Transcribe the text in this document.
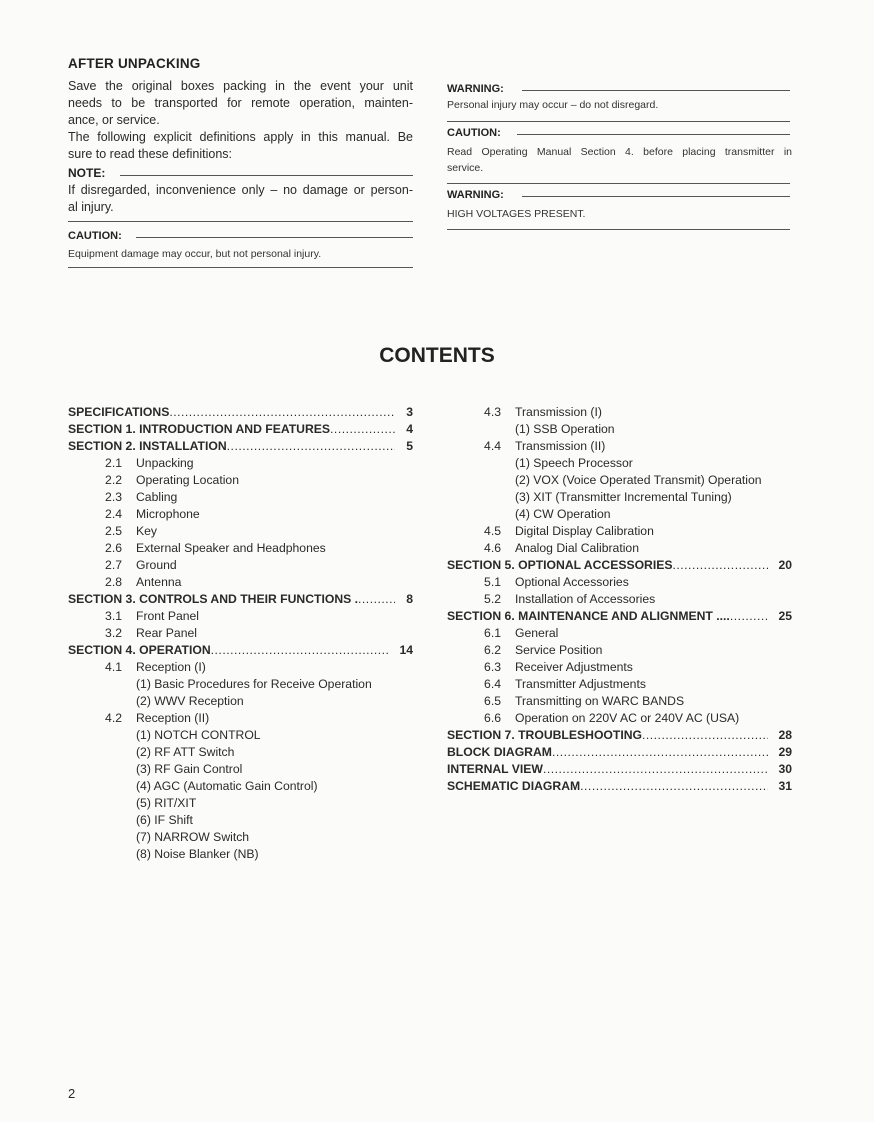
AFTER UNPACKING
Save the original boxes packing in the event your unit
needs to be transported for remote operation, mainten-
ance, or service.
The following explicit definitions apply in this manual. Be
sure to read these definitions:
NOTE:
If disregarded, inconvenience only – no damage or person-
al injury.
CAUTION:
Equipment damage may occur, but not personal injury.
WARNING:
Personal injury may occur – do not disregard.
CAUTION:
Read Operating Manual Section 4. before placing transmitter in
service.
WARNING:
HIGH VOLTAGES PRESENT.
CONTENTS
SPECIFICATIONS .....	3
SECTION 1. INTRODUCTION AND FEATURES .....	4
SECTION 2. INSTALLATION .....	5
2.1	Unpacking
2.2	Operating Location
2.3	Cabling
2.4	Microphone
2.5	Key
2.6	External Speaker and Headphones
2.7	Ground
2.8	Antenna
SECTION 3. CONTROLS AND THEIR FUNCTIONS . .....	8
3.1	Front Panel
3.2	Rear Panel
SECTION 4. OPERATION .....	14
4.1	Reception (I)
(1) Basic Procedures for Receive Operation
(2) WWV Reception
4.2	Reception (II)
(1) NOTCH CONTROL
(2) RF ATT Switch
(3) RF Gain Control
(4) AGC (Automatic Gain Control)
(5) RIT/XIT
(6) IF Shift
(7) NARROW Switch
(8) Noise Blanker (NB)
4.3	Transmission (I)
(1) SSB Operation
4.4	Transmission (II)
(1) Speech Processor
(2) VOX (Voice Operated Transmit) Operation
(3) XIT (Transmitter Incremental Tuning)
(4) CW Operation
4.5	Digital Display Calibration
4.6	Analog Dial Calibration
SECTION 5. OPTIONAL ACCESSORIES .....	20
5.1	Optional Accessories
5.2	Installation of Accessories
SECTION 6. MAINTENANCE AND ALIGNMENT .... .....	25
6.1	General
6.2	Service Position
6.3	Receiver Adjustments
6.4	Transmitter Adjustments
6.5	Transmitting on WARC BANDS
6.6	Operation on 220V AC or 240V AC (USA)
SECTION 7. TROUBLESHOOTING .....	28
BLOCK DIAGRAM .....	29
INTERNAL VIEW .....	30
SCHEMATIC DIAGRAM .....	31
2
